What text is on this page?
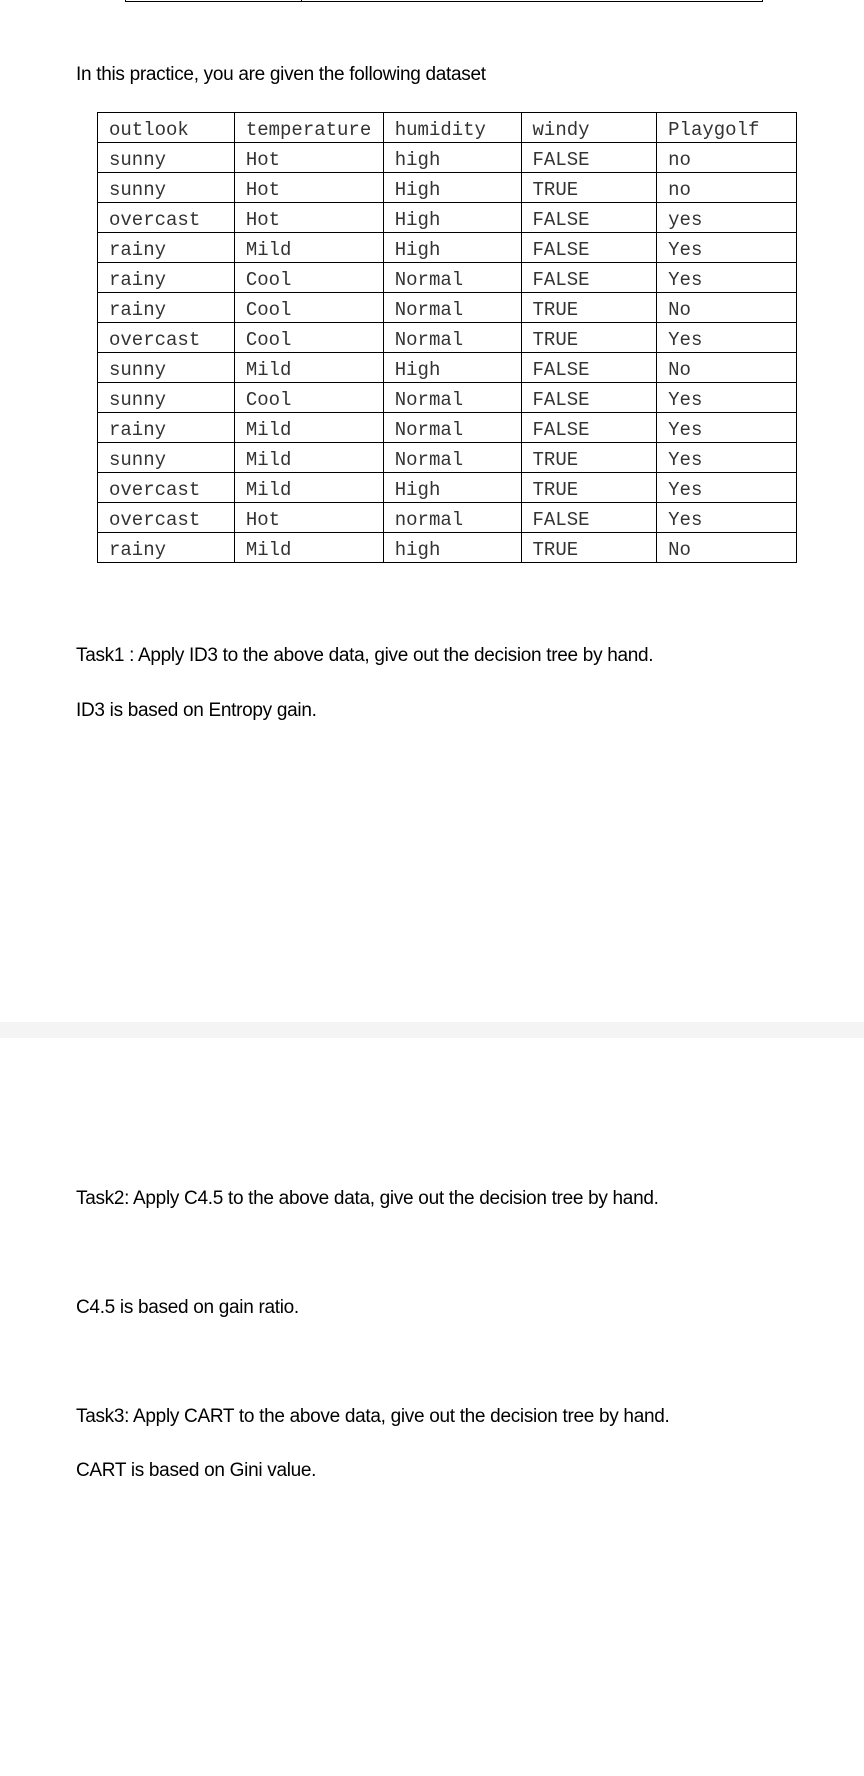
In this practice, you are given the following dataset
outlook	temperature	humidity	windy	Playgolf
sunny	Hot	high	FALSE	no
sunny	Hot	High	TRUE	no
overcast	Hot	High	FALSE	yes
rainy	Mild	High	FALSE	Yes
rainy	Cool	Normal	FALSE	Yes
rainy	Cool	Normal	TRUE	No
overcast	Cool	Normal	TRUE	Yes
sunny	Mild	High	FALSE	No
sunny	Cool	Normal	FALSE	Yes
rainy	Mild	Normal	FALSE	Yes
sunny	Mild	Normal	TRUE	Yes
overcast	Mild	High	TRUE	Yes
overcast	Hot	normal	FALSE	Yes
rainy	Mild	high	TRUE	No
Task1 : Apply ID3 to the above data, give out the decision tree by hand.
ID3 is based on Entropy gain.
Task2: Apply C4.5 to the above data, give out the decision tree by hand.
C4.5 is based on gain ratio.
Task3: Apply CART to the above data, give out the decision tree by hand.
CART is based on Gini value.
